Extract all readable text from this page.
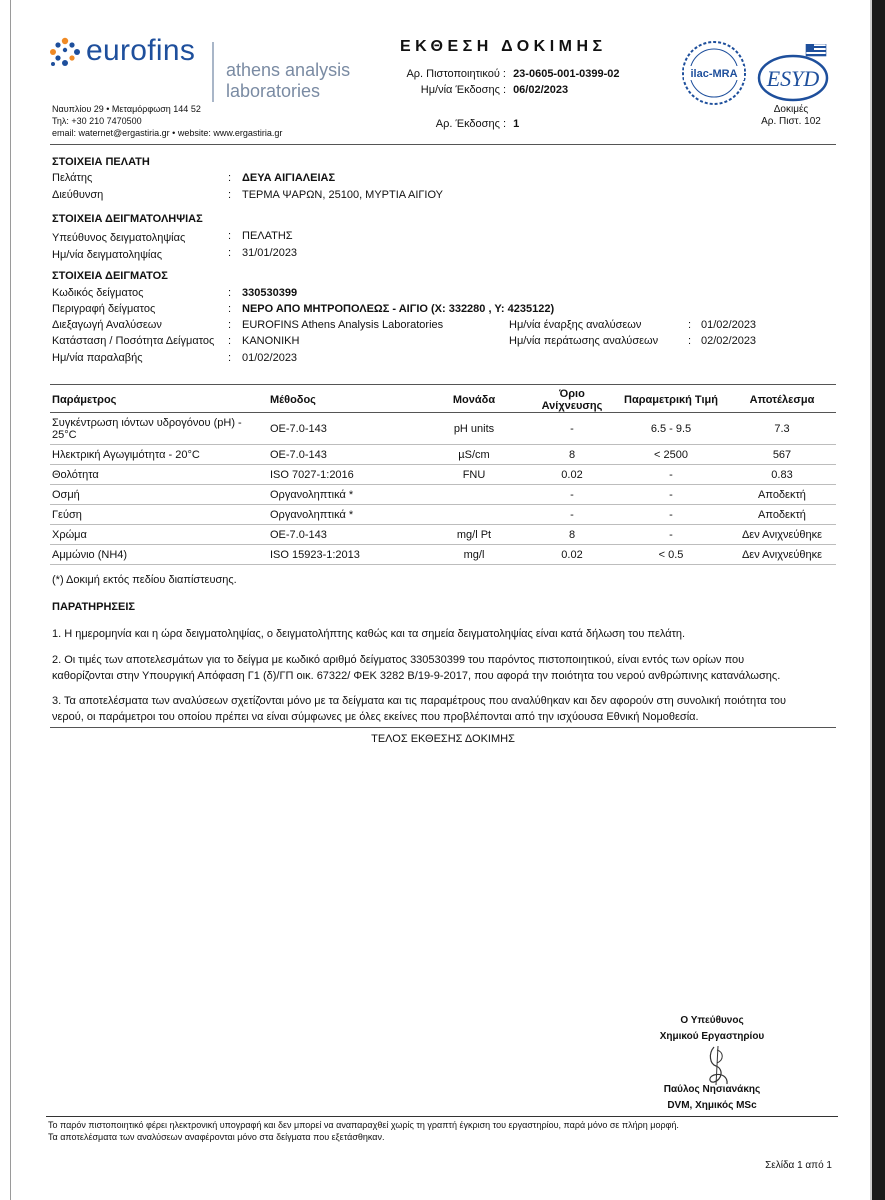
eurofins
athens analysis
laboratories
Ναυπλίου 29 • Μεταμόρφωση 144 52
Τηλ: +30 210 7470500
email: waternet@ergastiria.gr • website: www.ergastiria.gr
ΕΚΘΕΣΗ ΔΟΚΙΜΗΣ
Αρ. Πιστοποιητικού : 23-0605-001-0399-02
Ημ/νία Έκδοσης : 06/02/2023
Αρ. Έκδοσης : 1
ilac-MRA ESYD
Δοκιμές
Αρ. Πιστ. 102
ΣΤΟΙΧΕΙΑ ΠΕΛΑΤΗ
Πελάτης	: ΔΕΥΑ ΑΙΓΙΑΛΕΙΑΣ
Διεύθυνση	: ΤΕΡΜΑ ΨΑΡΩΝ, 25100, ΜΥΡΤΙΑ ΑΙΓΙΟΥ
ΣΤΟΙΧΕΙΑ ΔΕΙΓΜΑΤΟΛΗΨΙΑΣ
Υπεύθυνος δειγματοληψίας	: ΠΕΛΑΤΗΣ
Ημ/νία δειγματοληψίας	: 31/01/2023
ΣΤΟΙΧΕΙΑ ΔΕΙΓΜΑΤΟΣ
Κωδικός δείγματος	: 330530399
Περιγραφή δείγματος	: ΝΕΡΟ ΑΠΟ ΜΗΤΡΟΠΟΛΕΩΣ - ΑΙΓΙΟ (X: 332280 , Y: 4235122)
Διεξαγωγή Αναλύσεων	: EUROFINS Athens Analysis Laboratories	Ημ/νία έναρξης αναλύσεων	: 01/02/2023
Κατάσταση / Ποσότητα Δείγματος : ΚΑΝΟΝΙΚΗ	Ημ/νία περάτωσης αναλύσεων	: 02/02/2023
Ημ/νία παραλαβής	: 01/02/2023
Παράμετρος	Μέθοδος	Μονάδα	Όριο Ανίχνευσης	Παραμετρική Τιμή	Αποτέλεσμα
Συγκέντρωση ιόντων υδρογόνου (pH) - 25°C	ΟΕ-7.0-143	pH units	-	6.5 - 9.5	7.3
Ηλεκτρική Αγωγιμότητα - 20°C	ΟΕ-7.0-143	µS/cm	8	< 2500	567
Θολότητα	ISO 7027-1:2016	FNU	0.02	-	0.83
Οσμή	Οργανοληπτικά *		-	-	Αποδεκτή
Γεύση	Οργανοληπτικά *		-	-	Αποδεκτή
Χρώμα	ΟΕ-7.0-143	mg/l Pt	8	-	Δεν Ανιχνεύθηκε
Αμμώνιο (NH4)	ISO 15923-1:2013	mg/l	0.02	< 0.5	Δεν Ανιχνεύθηκε
(*) Δοκιμή εκτός πεδίου διαπίστευσης.
ΠΑΡΑΤΗΡΗΣΕΙΣ

1. Η ημερομηνία και η ώρα δειγματοληψίας, ο δειγματολήπτης καθώς και τα σημεία δειγματοληψίας είναι κατά δήλωση του πελάτη.

2. Οι τιμές των αποτελεσμάτων για το δείγμα με κωδικό αριθμό δείγματος 330530399 του παρόντος πιστοποιητικού, είναι εντός των ορίων που

καθορίζονται στην Υπουργική Απόφαση Γ1 (δ)/ΓΠ οικ. 67322/ ΦΕΚ 3282 Β/19-9-2017, που αφορά την ποιότητα του νερού ανθρώπινης κατανάλωσης.

3. Τα αποτελέσματα των αναλύσεων σχετίζονται μόνο με τα δείγματα και τις παραμέτρους που αναλύθηκαν και δεν αφορούν στη συνολική ποιότητα του

νερού, οι παράμετροι του οποίου πρέπει να είναι σύμφωνες με όλες εκείνες που προβλέπονται από την ισχύουσα Εθνική Νομοθεσία.

ΤΕΛΟΣ ΕΚΘΕΣΗΣ ΔΟΚΙΜΗΣ
Ο Υπεύθυνος
Χημικού Εργαστηρίου
Παύλος Νησιανάκης
DVM, Χημικός MSc
Το παρόν πιστοποιητικό φέρει ηλεκτρονική υπογραφή και δεν μπορεί να αναπαραχθεί χωρίς τη γραπτή έγκριση του εργαστηρίου, παρά μόνο σε πλήρη μορφή.
Τα αποτελέσματα των αναλύσεων αναφέρονται μόνο στα δείγματα που εξετάσθηκαν.
Σελίδα 1 από 1
